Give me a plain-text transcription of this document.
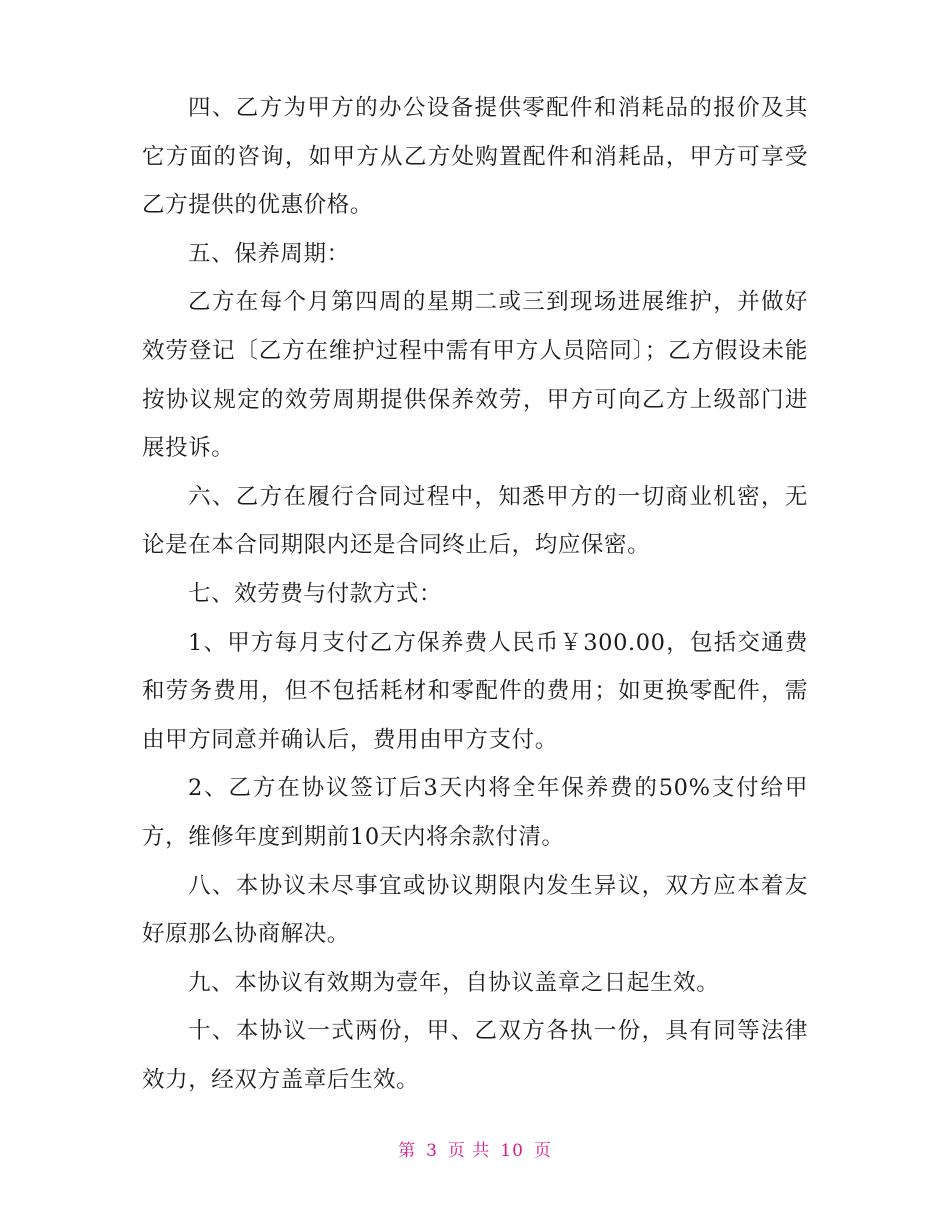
四、乙方为甲方的办公设备提供零配件和消耗品的报价及其它方面的咨询，如甲方从乙方处购置配件和消耗品，甲方可享受乙方提供的优惠价格。

五、保养周期：

乙方在每个月第四周的星期二或三到现场进展维护，并做好效劳登记〔乙方在维护过程中需有甲方人员陪同〕；乙方假设未能按协议规定的效劳周期提供保养效劳，甲方可向乙方上级部门进展投诉。

六、乙方在履行合同过程中，知悉甲方的一切商业机密，无论是在本合同期限内还是合同终止后，均应保密。

七、效劳费与付款方式：

1、甲方每月支付乙方保养费人民币￥300.00，包括交通费和劳务费用，但不包括耗材和零配件的费用；如更换零配件，需由甲方同意并确认后，费用由甲方支付。

2、乙方在协议签订后3天内将全年保养费的50%支付给甲方，维修年度到期前10天内将余款付清。

八、本协议未尽事宜或协议期限内发生异议，双方应本着友好原那么协商解决。

九、本协议有效期为壹年，自协议盖章之日起生效。

十、本协议一式两份，甲、乙双方各执一份，具有同等法律效力，经双方盖章后生效。

第 3 页 共 10 页
